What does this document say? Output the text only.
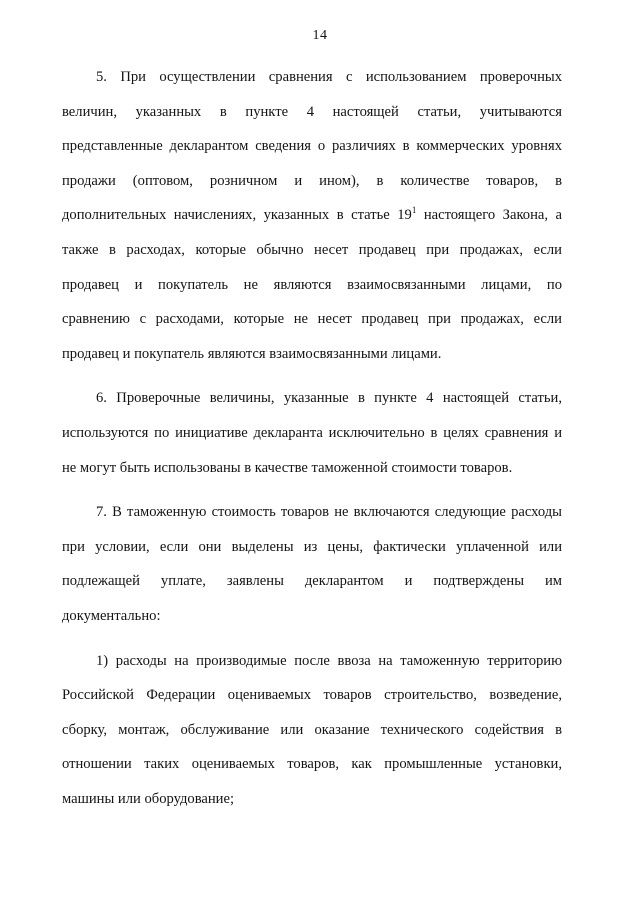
14

5. При осуществлении сравнения с использованием проверочных
величин, указанных в пункте 4 настоящей статьи, учитываются
представленные декларантом сведения о различиях в коммерческих уровнях
продажи (оптовом, розничном и ином), в количестве товаров, в
дополнительных начислениях, указанных в статье $19^1$ настоящего Закона, а
также в расходах, которые обычно несет продавец при продажах, если
продавец и покупатель не являются взаимосвязанными лицами, по
сравнению с расходами, которые не несет продавец при продажах, если
продавец и покупатель являются взаимосвязанными лицами.

6. Проверочные величины, указанные в пункте 4 настоящей статьи,
используются по инициативе декларанта исключительно в целях сравнения и
не могут быть использованы в качестве таможенной стоимости товаров.

7. В таможенную стоимость товаров не включаются следующие расходы
при условии, если они выделены из цены, фактически уплаченной или
подлежащей уплате, заявлены декларантом и подтверждены им
документально:

1) расходы на производимые после ввоза на таможенную территорию
Российской Федерации оцениваемых товаров строительство, возведение,
сборку, монтаж, обслуживание или оказание технического содействия в
отношении таких оцениваемых товаров, как промышленные установки,
машины или оборудование;
